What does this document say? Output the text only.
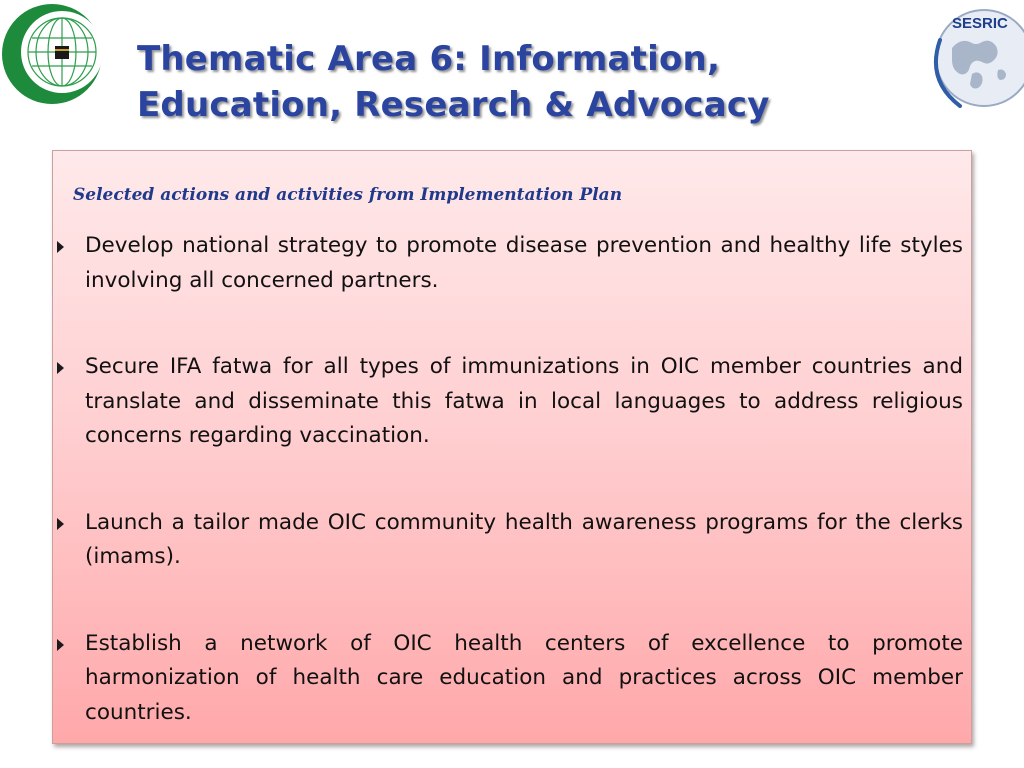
SESRIC
Thematic Area 6: Information,
Education, Research & Advocacy

Selected actions and activities from Implementation Plan

Develop national strategy to promote disease prevention and healthy life styles involving all concerned partners.
Secure IFA fatwa for all types of immunizations in OIC member countries and translate and disseminate this fatwa in local languages to address religious concerns regarding vaccination.
Launch a tailor made OIC community health awareness programs for the clerks (imams).
Establish a network of OIC health centers of excellence to promote harmonization of health care education and practices across OIC member countries.
